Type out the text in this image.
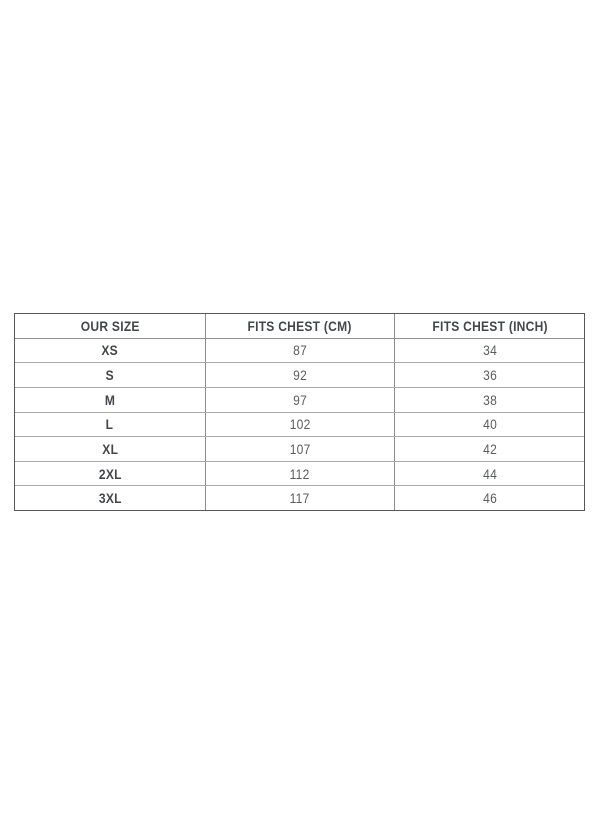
OUR SIZE	FITS CHEST (CM)	FITS CHEST (INCH)
XS	87	34
S	92	36
M	97	38
L	102	40
XL	107	42
2XL	112	44
3XL	117	46
